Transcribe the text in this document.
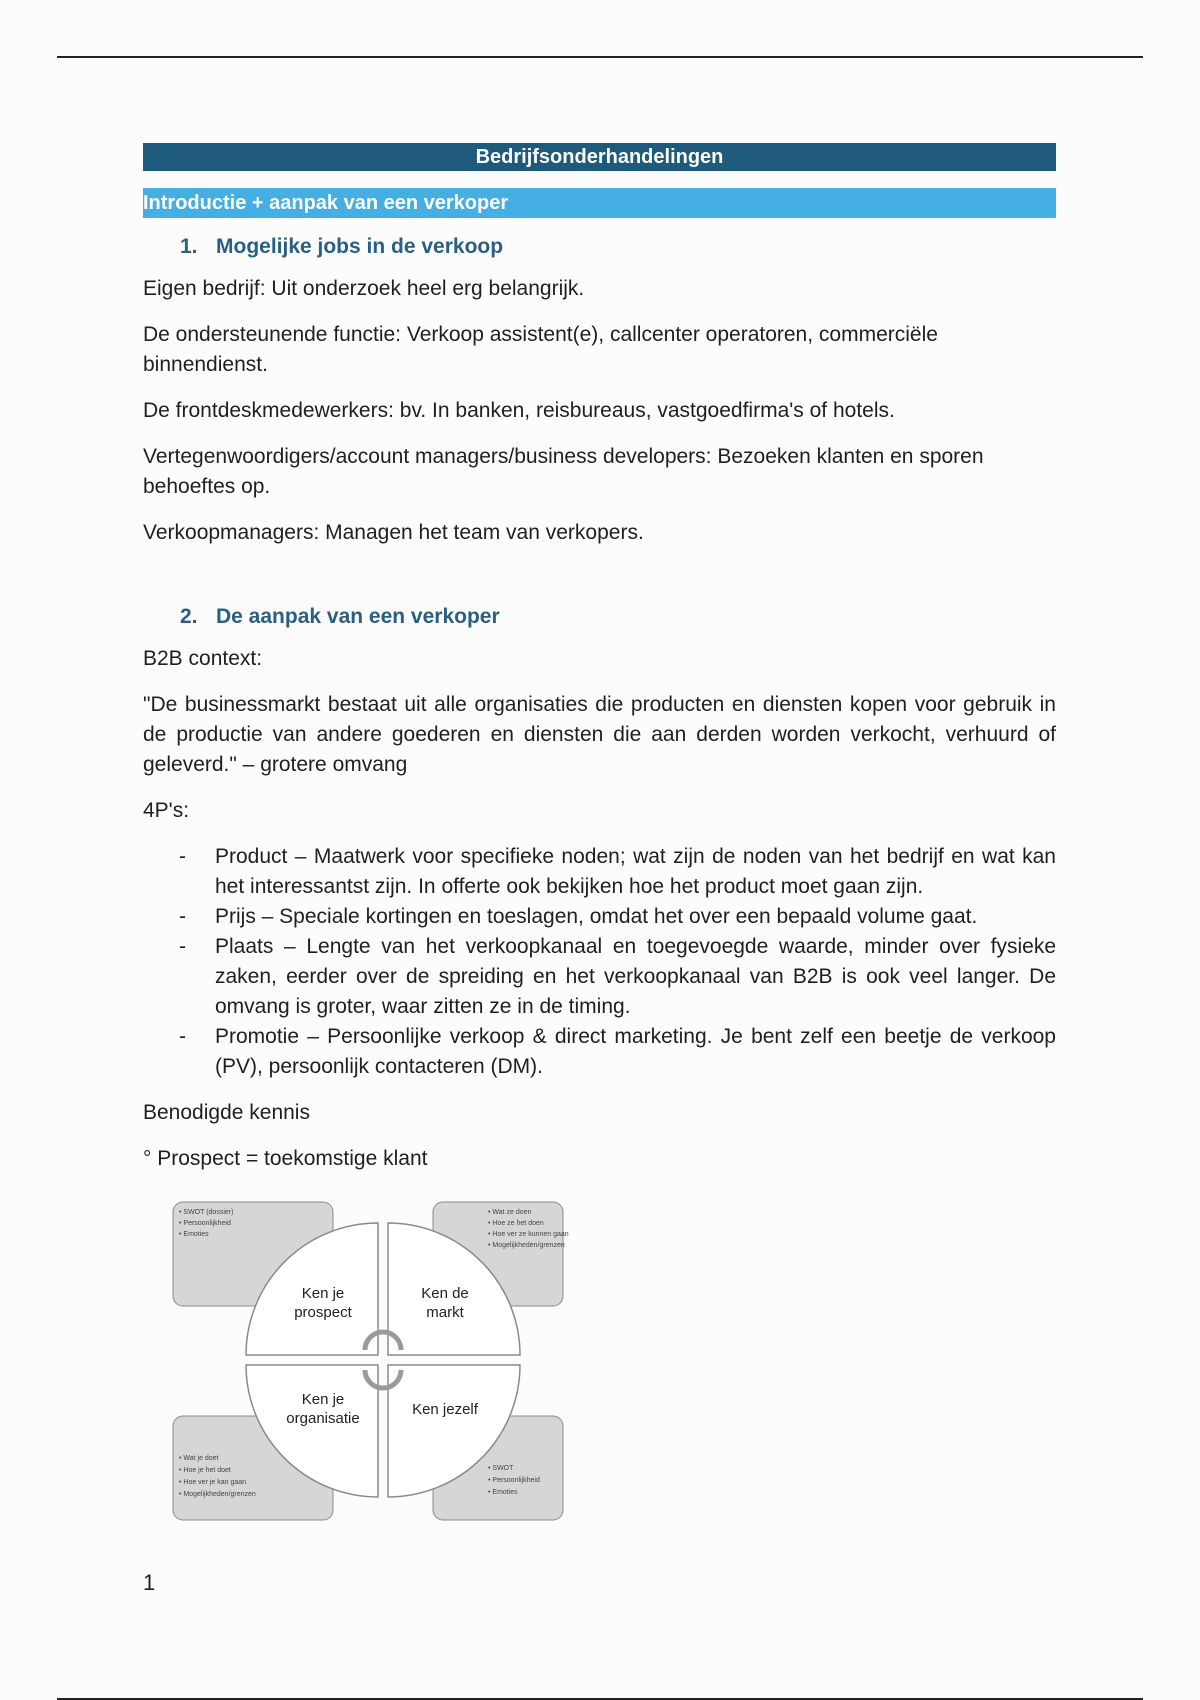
Bedrijfsonderhandelingen
Introductie + aanpak van een verkoper
1. Mogelijke jobs in de verkoop

Eigen bedrijf: Uit onderzoek heel erg belangrijk.

De ondersteunende functie: Verkoop assistent(e), callcenter operatoren, commerciële binnendienst.

De frontdeskmedewerkers: bv. In banken, reisbureaus, vastgoedfirma's of hotels.

Vertegenwoordigers/account managers/business developers: Bezoeken klanten en sporen behoeftes op.

Verkoopmanagers: Managen het team van verkopers.

2. De aanpak van een verkoper

B2B context:

"De businessmarkt bestaat uit alle organisaties die producten en diensten kopen voor gebruik in de productie van andere goederen en diensten die aan derden worden verkocht, verhuurd of geleverd." – grotere omvang

4P's:

-	Product – Maatwerk voor specifieke noden; wat zijn de noden van het bedrijf en wat kan het interessantst zijn. In offerte ook bekijken hoe het product moet gaan zijn.
-	Prijs – Speciale kortingen en toeslagen, omdat het over een bepaald volume gaat.
-	Plaats – Lengte van het verkoopkanaal en toegevoegde waarde, minder over fysieke zaken, eerder over de spreiding en het verkoopkanaal van B2B is ook veel langer. De omvang is groter, waar zitten ze in de timing.
-	Promotie – Persoonlijke verkoop & direct marketing. Je bent zelf een beetje de verkoop (PV), persoonlijk contacteren (DM).

Benodigde kennis

° Prospect = toekomstige klant

• SWOT (dossier)
• Persoonlijkheid
• Emoties
• Wat ze doen
• Hoe ze het doen
• Hoe ver ze kunnen gaan
• Mogelijkheden/grenzen
• Wat je doet
• Hoe je het doet
• Hoe ver je kan gaan
• Mogelijkheden/grenzen
• SWOT
• Persoonlijkheid
• Emoties
Ken je
prospect
Ken de
markt
Ken je
organisatie
Ken jezelf
1
